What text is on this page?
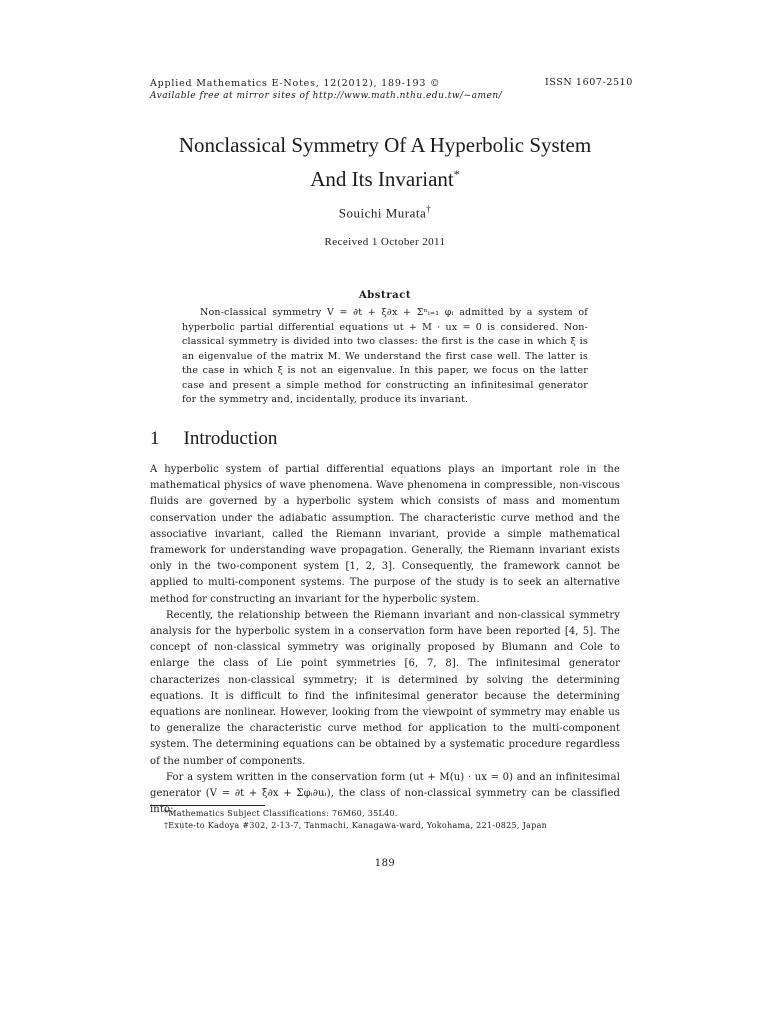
Applied Mathematics E-Notes, 12(2012), 189-193 ©
Available free at mirror sites of http://www.math.nthu.edu.tw/~amen/
ISSN 1607-2510
Nonclassical Symmetry Of A Hyperbolic System
And Its Invariant*
Souichi Murata†
Received 1 October 2011
Abstract
Non-classical symmetry V = ∂t + ξ∂x + Σⁿᵢ₌₁ φᵢ admitted by a system of hyperbolic partial differential equations ut + M · ux = 0 is considered. Non-classical symmetry is divided into two classes: the first is the case in which ξ is an eigenvalue of the matrix M. We understand the first case well. The latter is the case in which ξ is not an eigenvalue. In this paper, we focus on the latter case and present a simple method for constructing an infinitesimal generator for the symmetry and, incidentally, produce its invariant.
1 Introduction

A hyperbolic system of partial differential equations plays an important role in the mathematical physics of wave phenomena. Wave phenomena in compressible, non-viscous fluids are governed by a hyperbolic system which consists of mass and momentum conservation under the adiabatic assumption. The characteristic curve method and the associative invariant, called the Riemann invariant, provide a simple mathematical framework for understanding wave propagation. Generally, the Riemann invariant exists only in the two-component system [1, 2, 3]. Consequently, the framework cannot be applied to multi-component systems. The purpose of the study is to seek an alternative method for constructing an invariant for the hyperbolic system.

Recently, the relationship between the Riemann invariant and non-classical symmetry analysis for the hyperbolic system in a conservation form have been reported [4, 5]. The concept of non-classical symmetry was originally proposed by Blumann and Cole to enlarge the class of Lie point symmetries [6, 7, 8]. The infinitesimal generator characterizes non-classical symmetry; it is determined by solving the determining equations. It is difficult to find the infinitesimal generator because the determining equations are nonlinear. However, looking from the viewpoint of symmetry may enable us to generalize the characteristic curve method for application to the multi-component system. The determining equations can be obtained by a systematic procedure regardless of the number of components.

For a system written in the conservation form (ut + M(u) · ux = 0) and an infinitesimal generator (V = ∂t + ξ∂x + Σφᵢ∂uᵢ), the class of non-classical symmetry can be classified into:

*Mathematics Subject Classifications: 76M60, 35L40.
†Exute-to Kadoya #302, 2-13-7, Tanmachi, Kanagawa-ward, Yokohama, 221-0825, Japan
189
